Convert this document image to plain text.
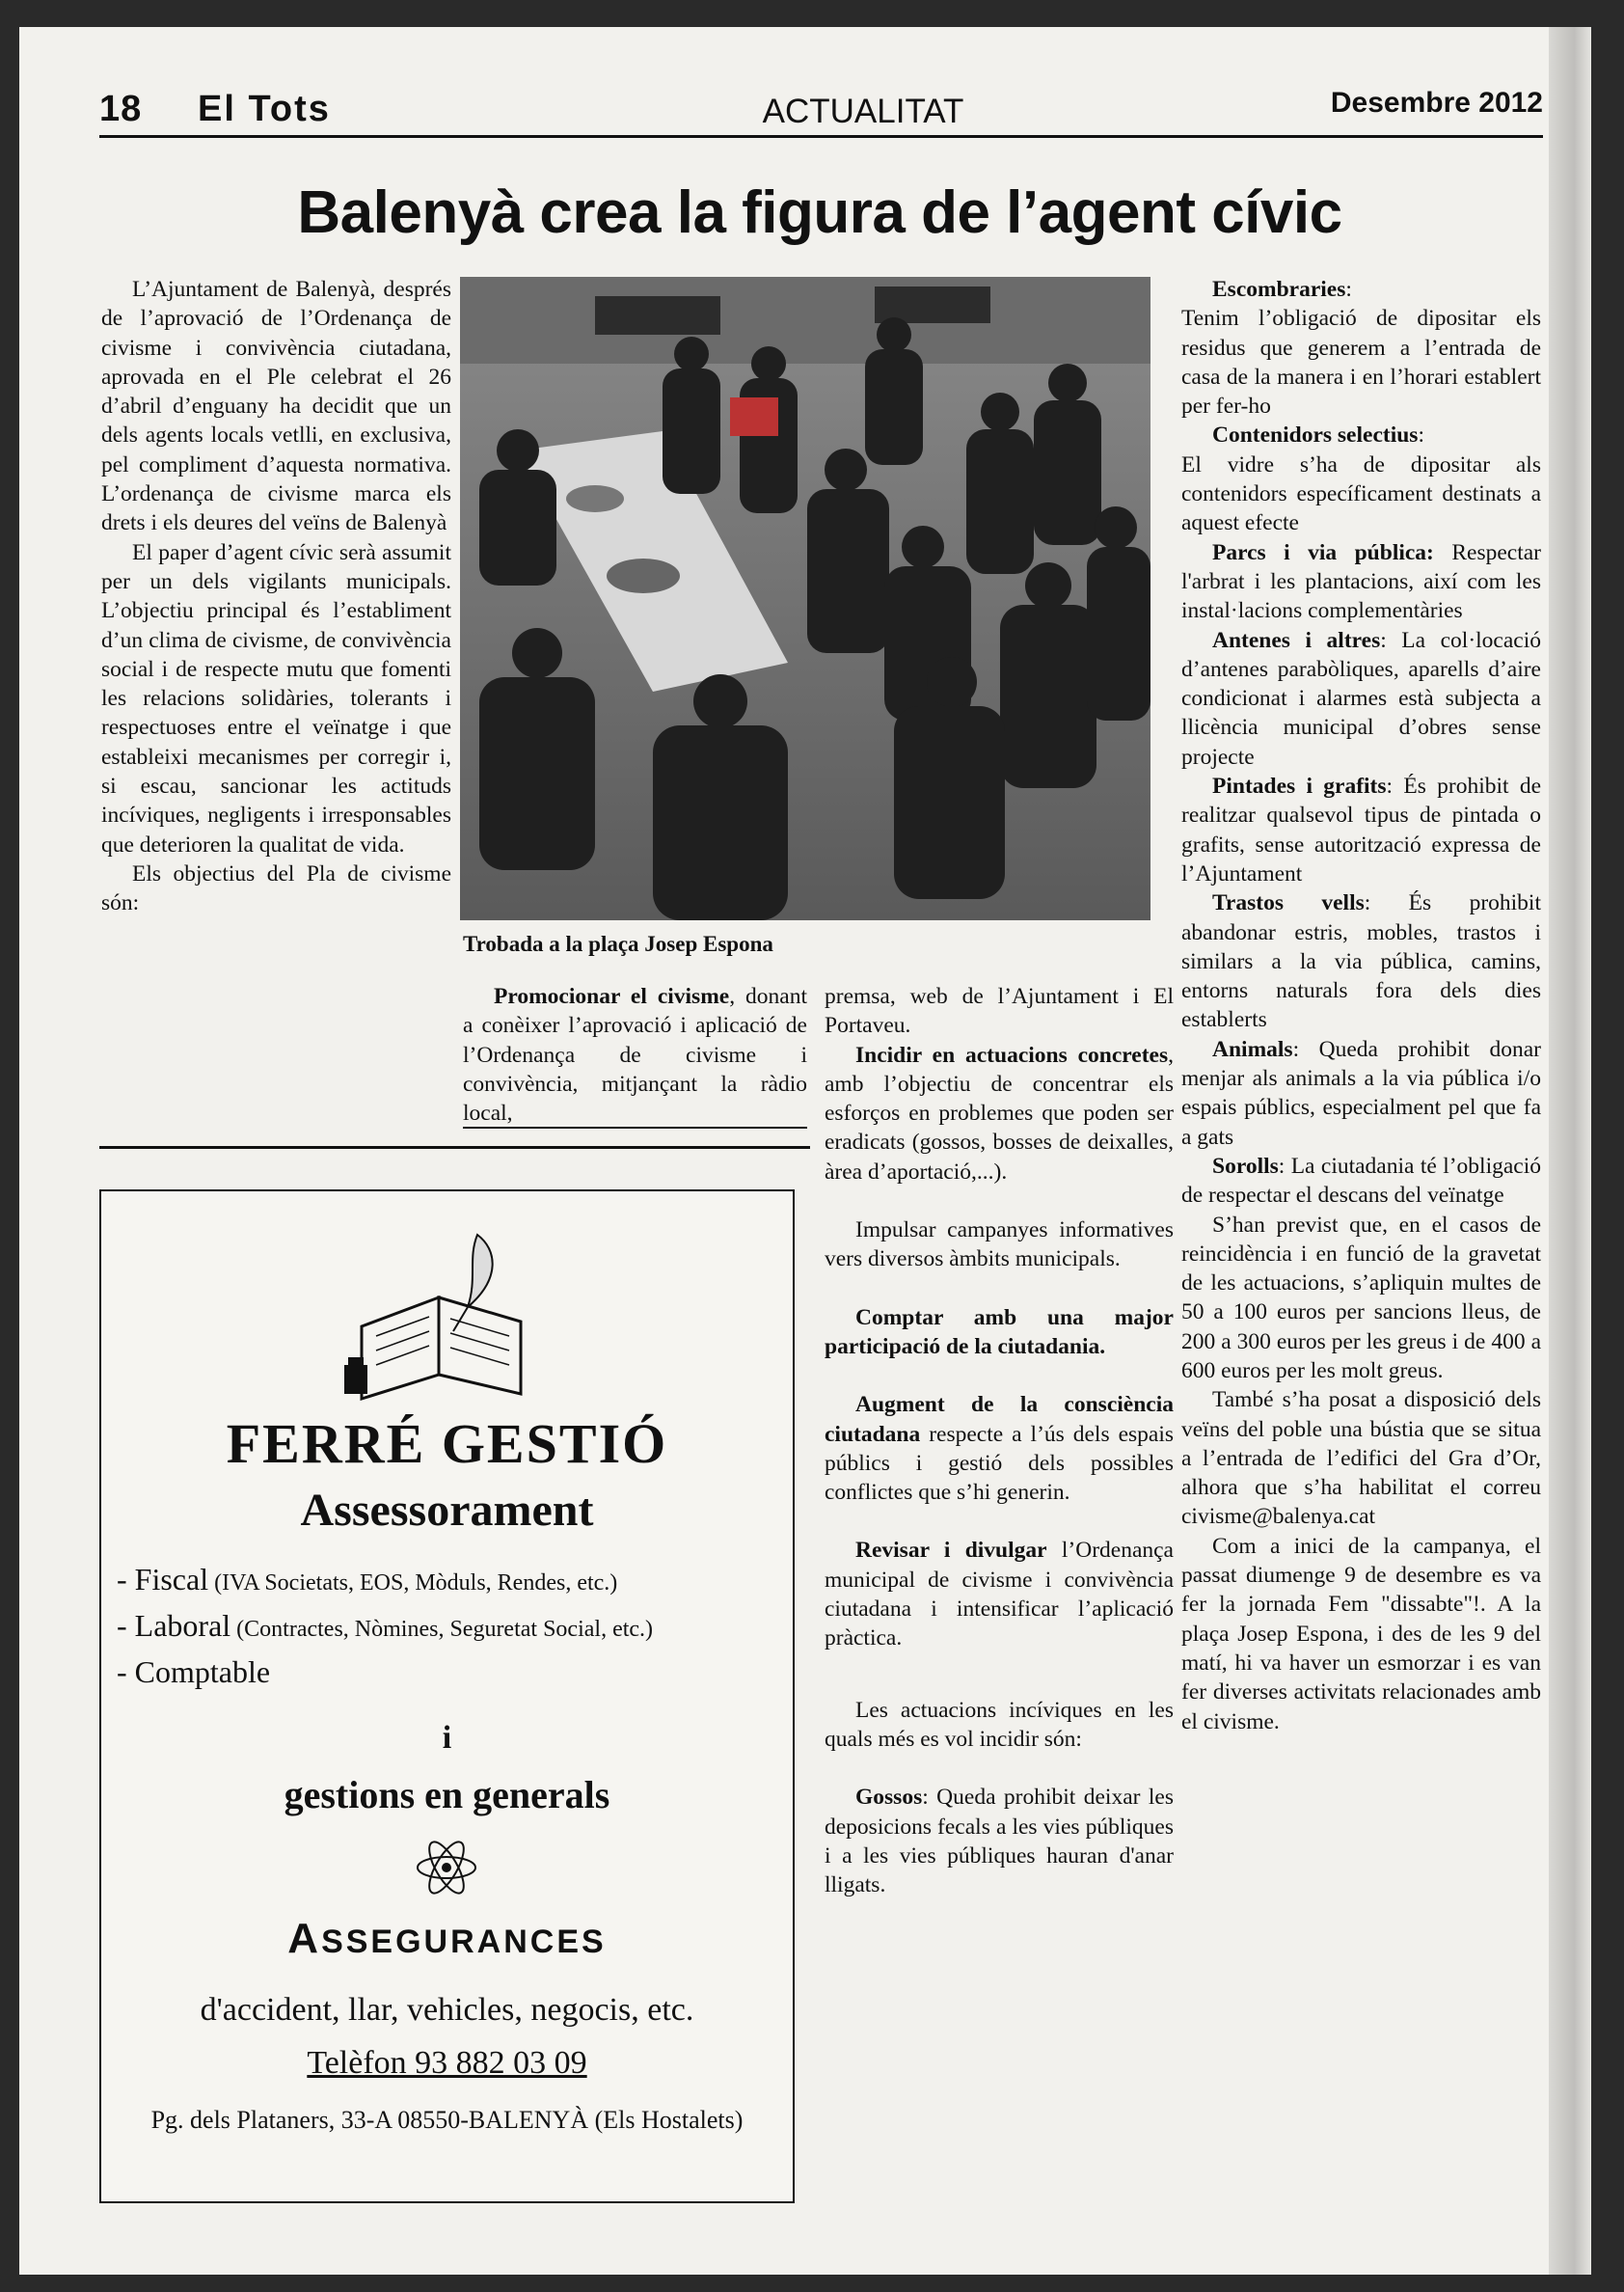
18 El Tots	ACTUALITAT	Desembre 2012
Balenyà crea la figura de l’agent cívic

L’Ajuntament de Balenyà, després de l’aprovació de l’Ordenança de civisme i convivència ciutadana, aprovada en el Ple celebrat el 26 d’abril d’enguany ha decidit que un dels agents locals vetlli, en exclusiva, pel compliment d’aquesta normativa. L’ordenança de civisme marca els drets i els deures del veïns de Balenyà

El paper d’agent cívic serà assumit per un dels vigilants municipals. L’objectiu principal és l’establiment d’un clima de civisme, de convivència social i de respecte mutu que fomenti les relacions solidàries, tolerants i respectuoses entre el veïnatge i que estableixi mecanismes per corregir i, si escau, sancionar les actituds incíviques, negligents i irresponsables que deterioren la qualitat de vida.

Els objectius del Pla de civisme són:

Trobada a la plaça Josep Espona

Promocionar el civisme, donant a conèixer l’aprovació i aplicació de l’Ordenança de civisme i convivència, mitjançant la ràdio local,

premsa, web de l’Ajuntament i El Portaveu.

Incidir en actuacions concretes, amb l’objectiu de concentrar els esforços en problemes que poden ser eradicats (gossos, bosses de deixalles, àrea d’aportació,...).

Impulsar campanyes informatives vers diversos àmbits municipals.

Comptar amb una major participació de la ciutadania.

Augment de la consciència ciutadana respecte a l’ús dels espais públics i gestió dels possibles conflictes que s’hi generin.

Revisar i divulgar l’Ordenança municipal de civisme i convivència ciutadana i intensificar l’aplicació pràctica.

Les actuacions incíviques en les quals més es vol incidir són:

Gossos: Queda prohibit deixar les deposicions fecals a les vies públiques i a les vies públiques hauran d'anar lligats.

Escombraries:

Tenim l’obligació de dipositar els residus que generem a l’entrada de casa de la manera i en l’horari establert per fer-ho

Contenidors selectius:

El vidre s’ha de dipositar als contenidors específicament destinats a aquest efecte

Parcs i via pública: Respectar l'arbrat i les plantacions, així com les instal·lacions complementàries

Antenes i altres: La col·locació d’antenes parabòliques, aparells d’aire condicionat i alarmes està subjecta a llicència municipal d’obres sense projecte

Pintades i grafits: És prohibit de realitzar qualsevol tipus de pintada o grafits, sense autorització expressa de l’Ajuntament

Trastos vells: És prohibit abandonar estris, mobles, trastos i similars a la via pública, camins, entorns naturals fora dels dies establerts

Animals: Queda prohibit donar menjar als animals a la via pública i/o espais públics, especialment pel que fa a gats

Sorolls: La ciutadania té l’obligació de respectar el descans del veïnatge

S’han previst que, en el casos de reincidència i en funció de la gravetat de les actuacions, s’apliquin multes de 50 a 100 euros per sancions lleus, de 200 a 300 euros per les greus i de 400 a 600 euros per les molt greus.

També s’ha posat a disposició dels veïns del poble una bústia que se situa a l’entrada de l’edifici del Gra d’Or, alhora que s’ha habilitat el correu civisme@balenya.cat

Com a inici de la campanya, el passat diumenge 9 de desembre es va fer la jornada Fem "dissabte"!. A la plaça Josep Espona, i des de les 9 del matí, hi va haver un esmorzar i es van fer diverses activitats relacionades amb el civisme.

FERRÉ GESTIÓ
Assessorament
- Fiscal (IVA Societats, EOS, Mòduls, Rendes, etc.)
- Laboral (Contractes, Nòmines, Seguretat Social, etc.)
- Comptable
i
gestions en generals
ASSEGURANCES
d'accident, llar, vehicles, negocis, etc.
Telèfon 93 882 03 09
Pg. dels Plataners, 33-A 08550-BALENYÀ (Els Hostalets)
